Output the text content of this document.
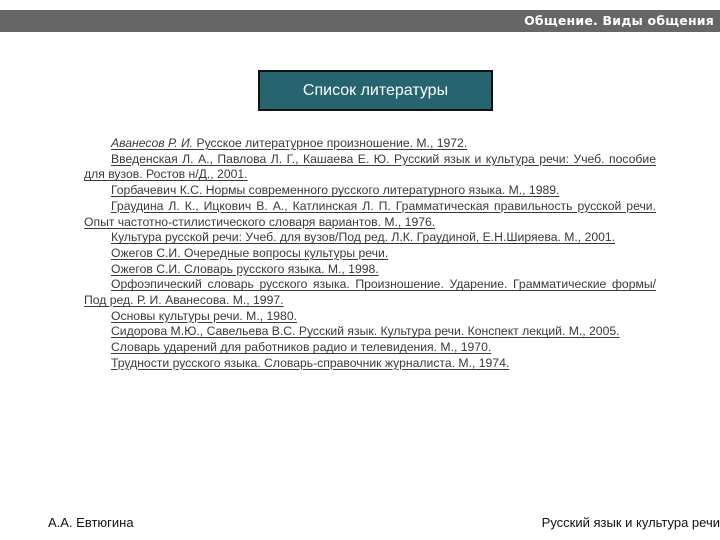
Общение. Виды общения
Список литературы
Аванесов Р. И. Русское литературное произношение. М., 1972.
Введенская Л. А., Павлова Л. Г., Кашаева Е. Ю. Русский язык и культура речи: Учеб. пособие для вузов. Ростов н/Д., 2001.
Горбачевич К.С. Нормы современного русского литературного языка. М., 1989.
Граудина Л. К., Ицкович В. А., Катлинская Л. П. Грамматическая правильность русской речи. Опыт частотно-стилистического словаря вариантов. М., 1976.
Культура русской речи: Учеб. для вузов/Под ред. Л.К. Граудиной, Е.Н.Ширяева. М., 2001.
Ожегов С.И. Очередные вопросы культуры речи.
Ожегов С.И. Словарь русского языка. М., 1998.
Орфоэпический словарь русского языка. Произношение. Ударение. Грамматические формы/Под ред. Р. И. Аванесова. М., 1997.
Основы культуры речи. М., 1980.
Сидорова М.Ю., Савельева В.С. Русский язык. Культура речи. Конспект лекций. М., 2005.
Словарь ударений для работников радио и телевидения. М., 1970.
Трудности русского языка. Словарь-справочник журналиста. М., 1974.
А.А. Евтюгина	Русский язык и культура речи
